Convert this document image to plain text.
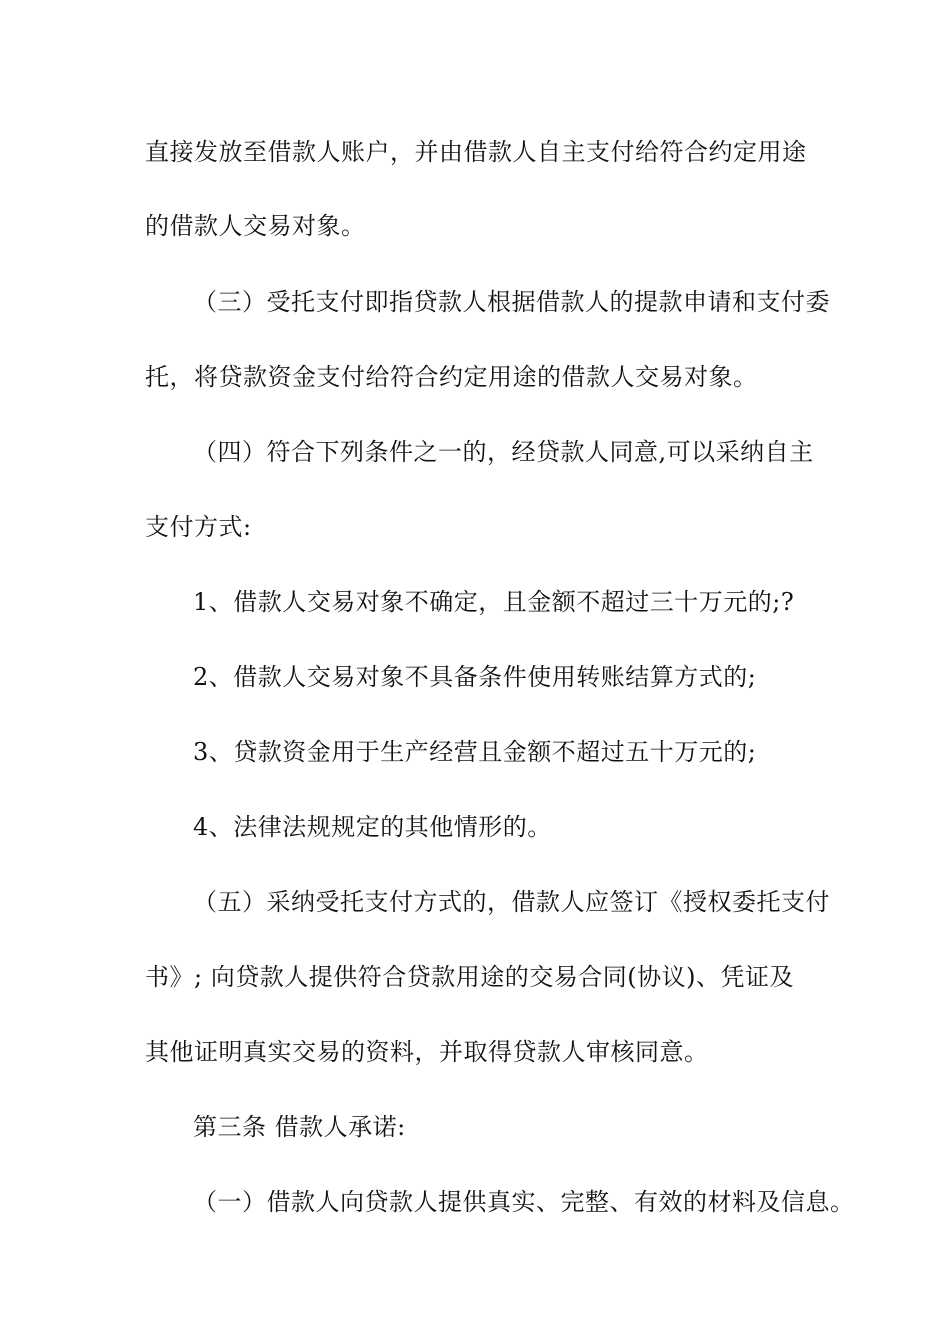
直接发放至借款人账户，并由借款人自主支付给符合约定用途
的借款人交易对象。
（三）受托支付即指贷款人根据借款人的提款申请和支付委
托，将贷款资金支付给符合约定用途的借款人交易对象。
（四）符合下列条件之一的，经贷款人同意,可以采纳自主
支付方式:
1、借款人交易对象不确定，且金额不超过三十万元的;?
2、借款人交易对象不具备条件使用转账结算方式的;
3、贷款资金用于生产经营且金额不超过五十万元的;
4、法律法规规定的其他情形的。
（五）采纳受托支付方式的，借款人应签订《授权委托支付
书》; 向贷款人提供符合贷款用途的交易合同(协议)、凭证及
其他证明真实交易的资料，并取得贷款人审核同意。
第三条 借款人承诺:
（一）借款人向贷款人提供真实、完整、有效的材料及信息。
